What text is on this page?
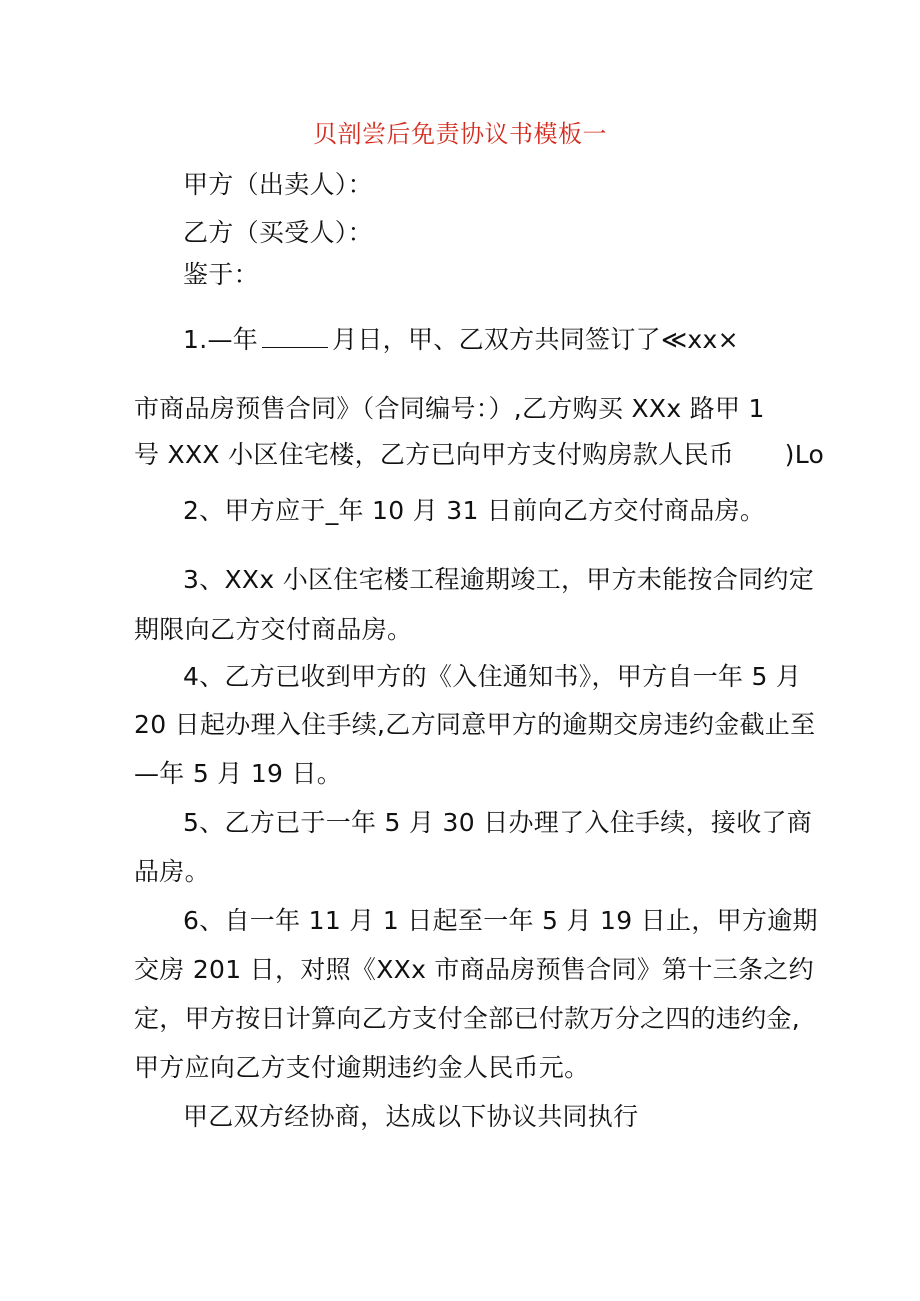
贝剖尝后免责协议书模板一
甲方（出卖人）：
乙方（买受人）：
鉴于：
1.—年	月日，甲、乙双方共同签订了≪xx×
市商品房预售合同》（合同编号：）,乙方购买 XXx 路甲 1
号 XXX 小区住宅楼，乙方已向甲方支付购房款人民币　　)Lo
2、甲方应于_年 10 月 31 日前向乙方交付商品房。
3、XXx 小区住宅楼工程逾期竣工，甲方未能按合同约定
期限向乙方交付商品房。
4、乙方已收到甲方的《入住通知书》，甲方自一年 5 月
20 日起办理入住手续,乙方同意甲方的逾期交房违约金截止至
—年 5 月 19 日。
5、乙方已于一年 5 月 30 日办理了入住手续，接收了商
品房。
6、自一年 11 月 1 日起至一年 5 月 19 日止，甲方逾期
交房 201 日，对照《XXx 市商品房预售合同》第十三条之约
定，甲方按日计算向乙方支付全部已付款万分之四的违约金,
甲方应向乙方支付逾期违约金人民币元。
甲乙双方经协商，达成以下协议共同执行
